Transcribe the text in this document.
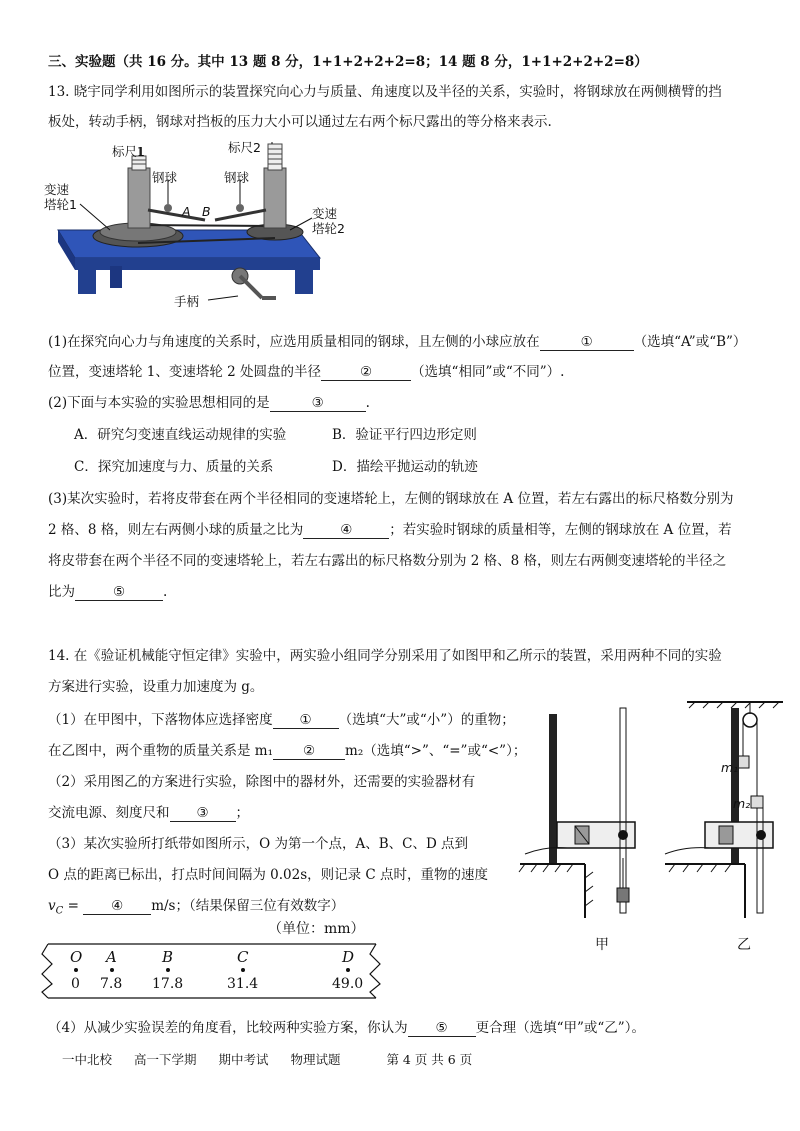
三、实验题（共 16 分。其中 13 题 8 分，1+1+2+2+2=8；14 题 8 分，1+1+2+2+2=8）
13. 晓宇同学利用如图所示的装置探究向心力与质量、角速度以及半径的关系，实验时，将钢球放在两侧横臂的挡
板处，转动手柄，钢球对挡板的压力大小可以通过左右两个标尺露出的等分格来表示.
标尺1	标尺2
钢球	钢球
变速
塔轮1
变速
塔轮2
A B
手柄
(1)在探究向心力与角速度的关系时，应选用质量相同的钢球，且左侧的小球应放在	①	（选填“A”或“B”）
位置，变速塔轮 1、变速塔轮 2 处圆盘的半径	②	（选填“相同”或“不同”）.
(2)下面与本实验的实验思想相同的是	③	.
A．研究匀变速直线运动规律的实验	B．验证平行四边形定则
C．探究加速度与力、质量的关系	D．描绘平抛运动的轨迹
(3)某次实验时，若将皮带套在两个半径相同的变速塔轮上，左侧的钢球放在 A 位置，若左右露出的标尺格数分别为
2 格、8 格，则左右两侧小球的质量之比为	④	；若实验时钢球的质量相等，左侧的钢球放在 A 位置，若
将皮带套在两个半径不同的变速塔轮上，若左右露出的标尺格数分别为 2 格、8 格，则左右两侧变速塔轮的半径之
比为	⑤	.
14. 在《验证机械能守恒定律》实验中，两实验小组同学分别采用了如图甲和乙所示的装置，采用两种不同的实验
方案进行实验，设重力加速度为 g。
（1）在甲图中，下落物体应选择密度 ① （选填“大”或“小”）的重物；
在乙图中，两个重物的质量关系是 m₁ ② m₂（选填“>”、“=”或“<”）；
（2）采用图乙的方案进行实验，除图中的器材外，还需要的实验器材有
交流电源、刻度尺和 ③ ；
（3）某次实验所打纸带如图所示，O 为第一个点，A、B、C、D 点到
O 点的距离已标出，打点时间间隔为 0.02s，则记录 C 点时，重物的速度
$v_C$ = ④ m/s；（结果保留三位有效数字）
（单位：mm）
O A	B	C	D
0 7.8 17.8	31.4	49.0
（4）从减少实验误差的角度看，比较两种实验方案，你认为 ⑤ 更合理（选填“甲”或“乙”）。
m₁
m₂
甲	乙
一中北校 高一下学期 期中考试 物理试题	第 4 页 共 6 页
